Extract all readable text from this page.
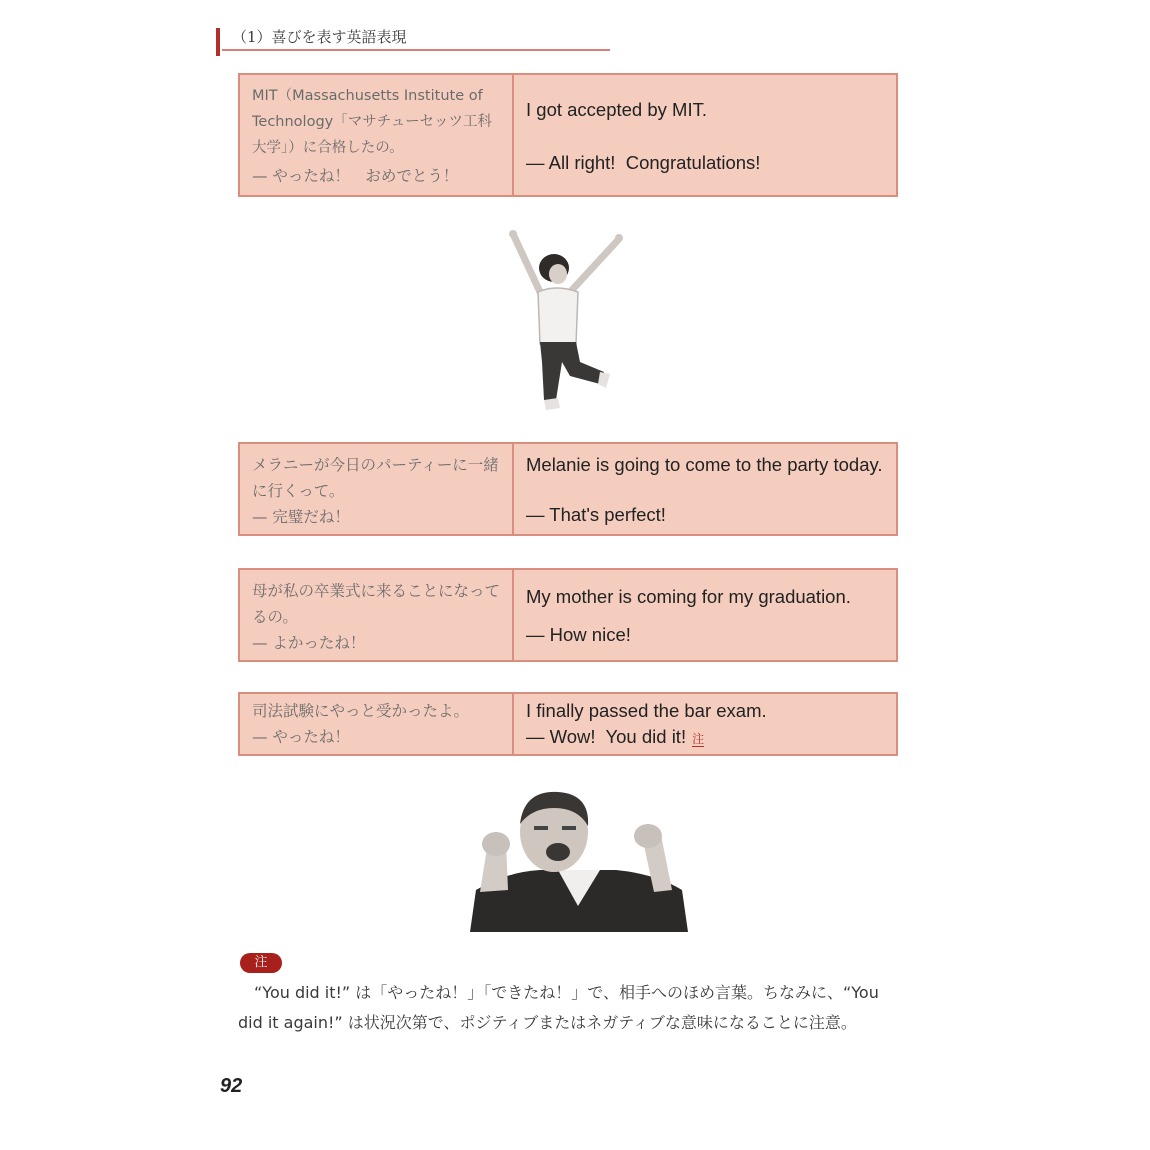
（1）喜びを表す英語表現
MIT（Massachusetts Institute of Technology「マサチューセッツ工科大学」）に合格したの。
— やったね！　おめでとう！
I got accepted by MIT.
— All right!  Congratulations!
メラニーが今日のパーティーに一緒に行くって。
— 完璧だね！
Melanie is going to come to the party today.
— That's perfect!
母が私の卒業式に来ることになってるの。
— よかったね！
My mother is coming for my graduation.
— How nice!
司法試験にやっと受かったよ。
— やったね！
I finally passed the bar exam.
— Wow!  You did it! 注
注
“You did it!” は「やったね！」「できたね！」で、相手へのほめ言葉。ちなみに、“You did it again!” は状況次第で、ポジティブまたはネガティブな意味になることに注意。
92
